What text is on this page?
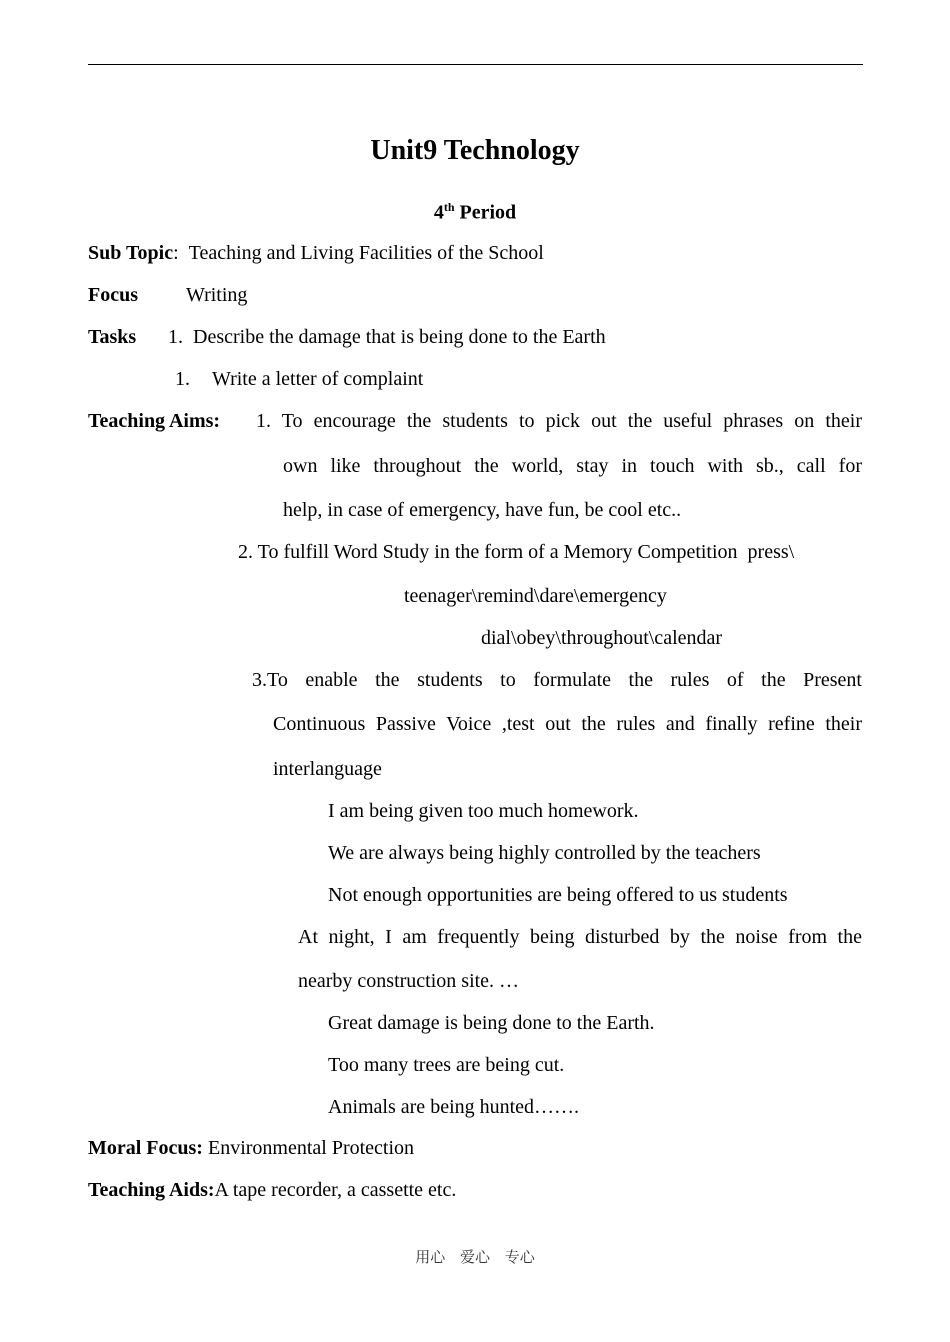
Unit9 Technology
4th Period
Sub Topic: Teaching and Living Facilities of the School
Focus Writing
Tasks 1. Describe the damage that is being done to the Earth
1. Write a letter of complaint
Teaching Aims: 1. To encourage the students to pick out the useful phrases on their
own like throughout the world, stay in touch with sb., call for
help, in case of emergency, have fun, be cool etc..
2. To fulfill Word Study in the form of a Memory Competition  press\
teenager\remind\dare\emergency
dial\obey\throughout\calendar
3.To enable the students to formulate the rules of the Present
Continuous Passive Voice ,test out the rules and finally refine their
interlanguage
I am being given too much homework.
We are always being highly controlled by the teachers
Not enough opportunities are being offered to us students
At night, I am frequently being disturbed by the noise from the
nearby construction site. …
Great damage is being done to the Earth.
Too many trees are being cut.
Animals are being hunted…….
Moral Focus: Environmental Protection
Teaching Aids:A tape recorder, a cassette etc.
用心 爱心 专心
